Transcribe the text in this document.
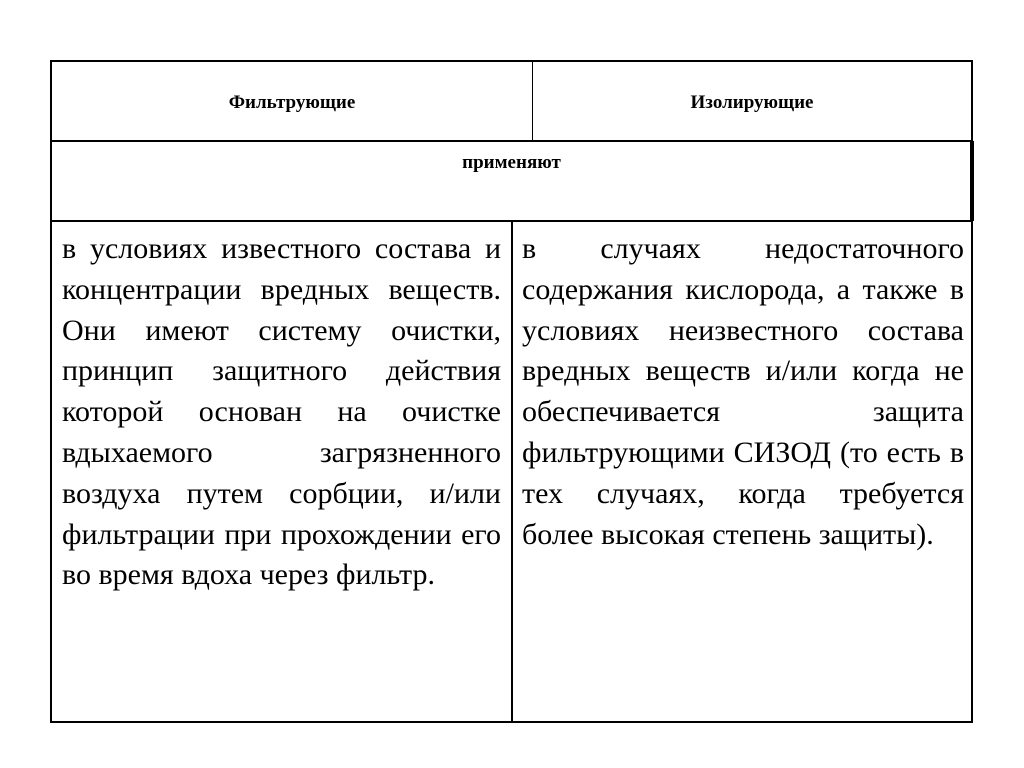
Фильтрующие	Изолирующие
применяют
в условиях известного состава и концентрации вредных веществ. Они имеют систему очистки, принцип защитного действия которой основан на очистке вдыхаемого загрязненного воздуха путем сорбции, и/или фильтрации при прохождении его во время вдоха через фильтр.
в случаях недостаточного содержания кислорода, а также в условиях неизвестного состава вредных веществ и/или когда не обеспечивается защита фильтрующими СИЗОД (то есть в тех случаях, когда требуется более высокая степень защиты).
